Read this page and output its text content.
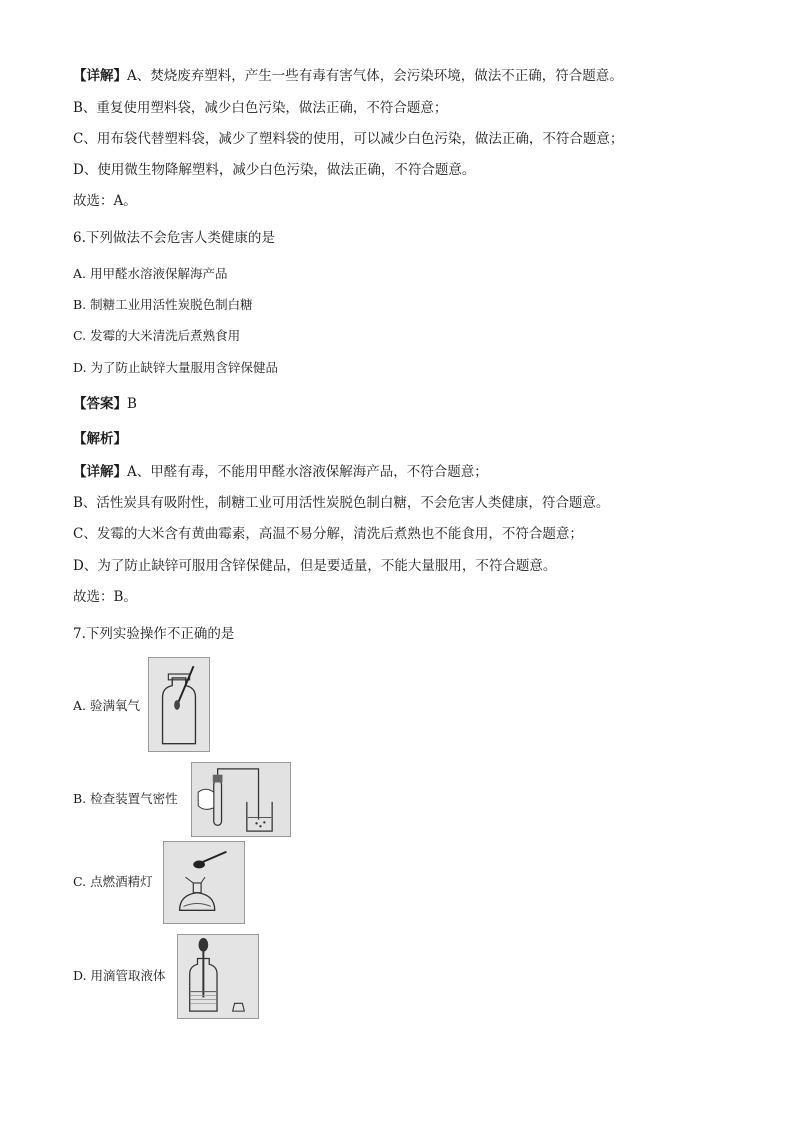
【详解】A、焚烧废弃塑料，产生一些有毒有害气体，会污染环境，做法不正确，符合题意。
B、重复使用塑料袋，减少白色污染，做法正确，不符合题意；
C、用布袋代替塑料袋，减少了塑料袋的使用，可以减少白色污染，做法正确，不符合题意；
D、使用微生物降解塑料，减少白色污染，做法正确，不符合题意。
故选：A。
6.下列做法不会危害人类健康的是
A. 用甲醛水溶液保解海产品
B. 制糖工业用活性炭脱色制白糖
C. 发霉的大米清洗后煮熟食用
D. 为了防止缺锌大量服用含锌保健品
【答案】B
【解析】
【详解】A、甲醛有毒，不能用甲醛水溶液保解海产品，不符合题意；
B、活性炭具有吸附性，制糖工业可用活性炭脱色制白糖，不会危害人类健康，符合题意。
C、发霉的大米含有黄曲霉素，高温不易分解，清洗后煮熟也不能食用，不符合题意；
D、为了防止缺锌可服用含锌保健品，但是要适量，不能大量服用，不符合题意。
故选：B。
7.下列实验操作不正确的是
A. 验满氧气
B. 检查装置气密性
C. 点燃酒精灯
D. 用滴管取液体
